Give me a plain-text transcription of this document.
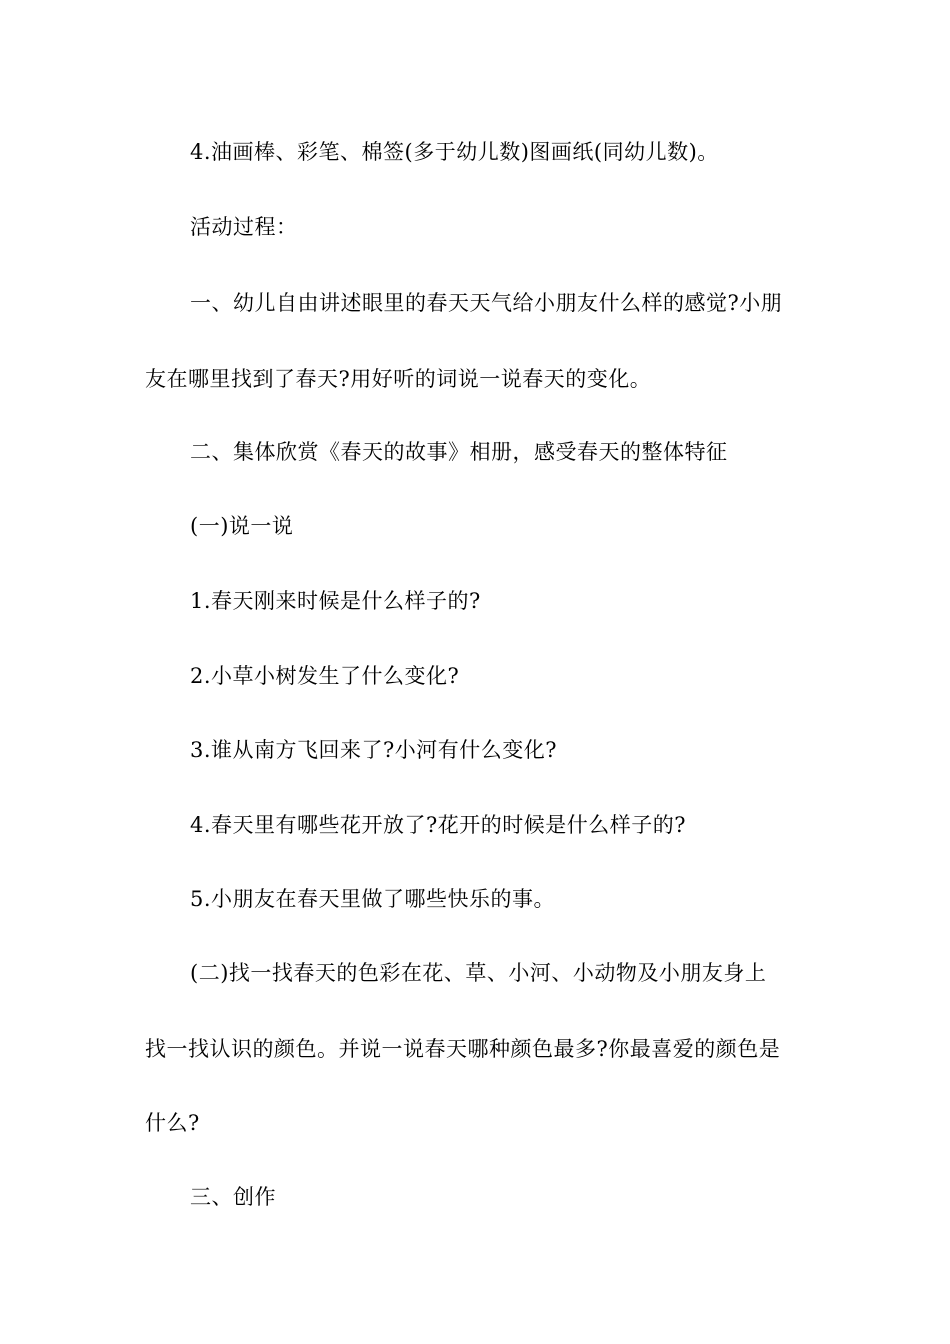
4.油画棒、彩笔、棉签(多于幼儿数)图画纸(同幼儿数)。
活动过程：
一、幼儿自由讲述眼里的春天天气给小朋友什么样的感觉?小朋
友在哪里找到了春天?用好听的词说一说春天的变化。
二、集体欣赏《春天的故事》相册，感受春天的整体特征
(一)说一说
1.春天刚来时候是什么样子的?
2.小草小树发生了什么变化?
3.谁从南方飞回来了?小河有什么变化?
4.春天里有哪些花开放了?花开的时候是什么样子的?
5.小朋友在春天里做了哪些快乐的事。
(二)找一找春天的色彩在花、草、小河、小动物及小朋友身上
找一找认识的颜色。并说一说春天哪种颜色最多?你最喜爱的颜色是
什么?
三、创作
